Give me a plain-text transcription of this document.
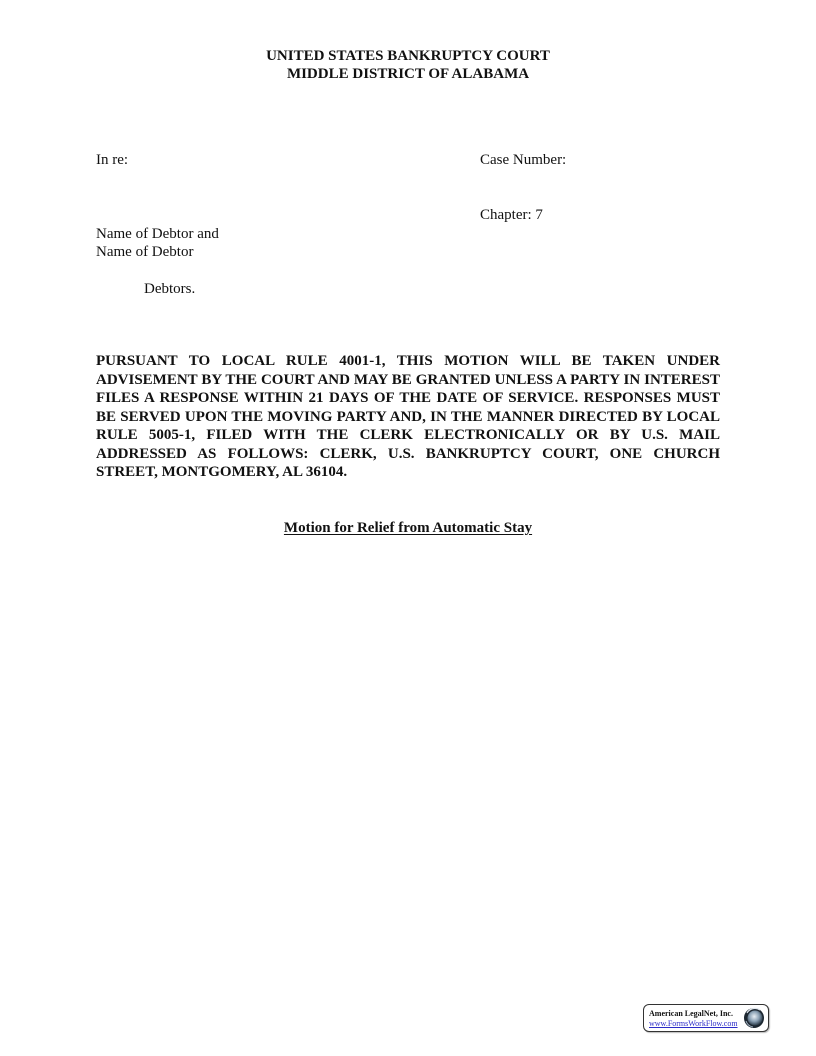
UNITED STATES BANKRUPTCY COURT
MIDDLE DISTRICT OF ALABAMA
In re:	Case Number:
Chapter: 7
Name of Debtor and
Name of Debtor
Debtors.
PURSUANT TO LOCAL RULE 4001-1, THIS MOTION WILL BE TAKEN UNDER ADVISEMENT BY THE COURT AND MAY BE GRANTED UNLESS A PARTY IN INTEREST FILES A RESPONSE WITHIN 21 DAYS OF THE DATE OF SERVICE. RESPONSES MUST BE SERVED UPON THE MOVING PARTY AND, IN THE MANNER DIRECTED BY LOCAL RULE 5005-1, FILED WITH THE CLERK ELECTRONICALLY OR BY U.S. MAIL ADDRESSED AS FOLLOWS: CLERK, U.S. BANKRUPTCY COURT, ONE CHURCH STREET, MONTGOMERY, AL 36104.
Motion for Relief from Automatic Stay
American LegalNet, Inc.
www.FormsWorkFlow.com
